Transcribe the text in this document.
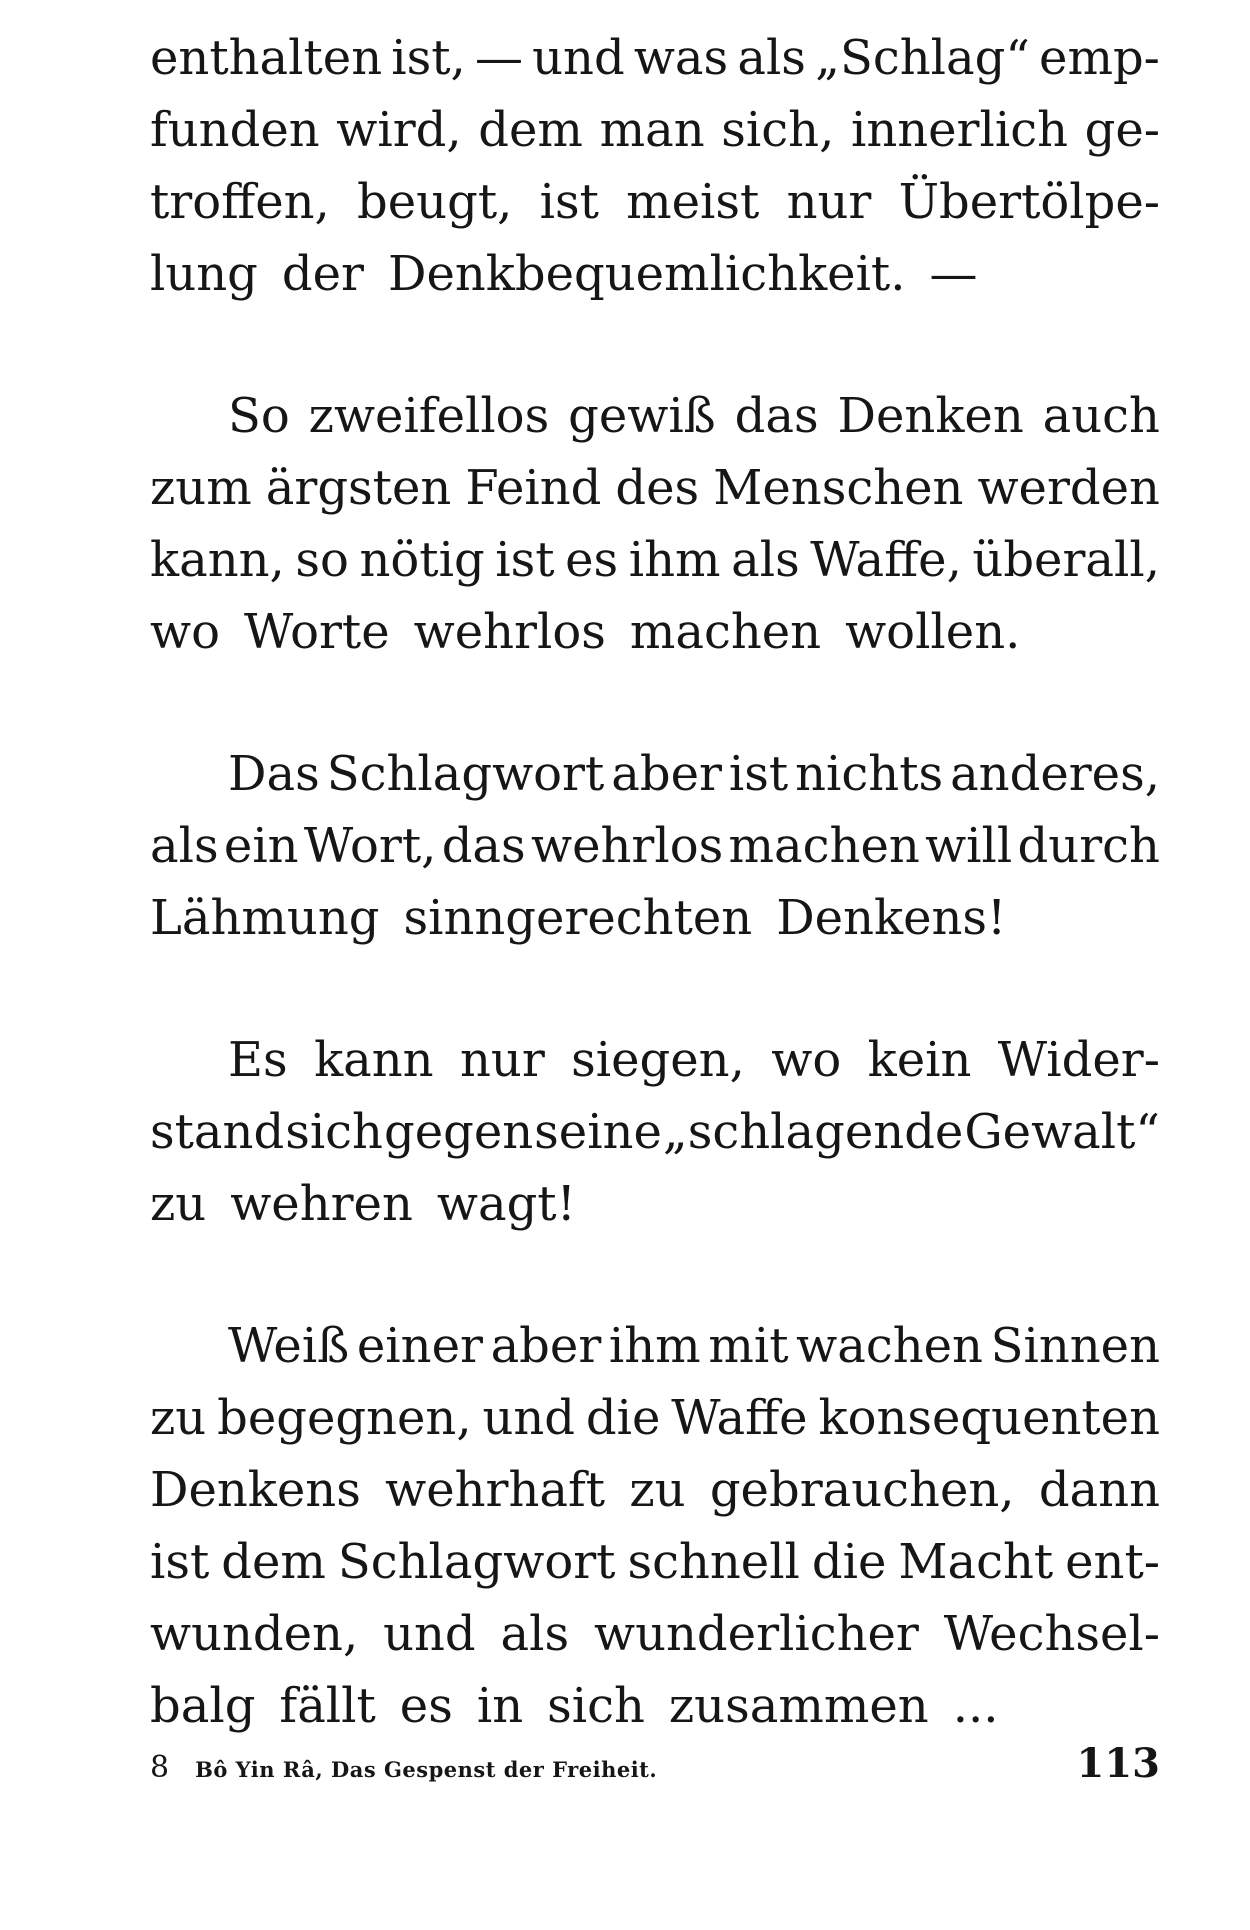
enthalten ist, — und was als „Schlag“ emp-
funden wird, dem man sich, innerlich ge-
troffen, beugt, ist meist nur Übertölpe-
lung der Denkbequemlichkeit. —
So zweifellos gewiß das Denken auch
zum ärgsten Feind des Menschen werden
kann, so nötig ist es ihm als Waffe, überall,
wo Worte wehrlos machen wollen.
Das Schlagwort aber ist nichts anderes,
als ein Wort, das wehrlos machen will durch
Lähmung sinngerechten Denkens!
Es kann nur siegen, wo kein Wider-
stand sich gegen seine „schlagende Gewalt“
zu wehren wagt!
Weiß einer aber ihm mit wachen Sinnen
zu begegnen, und die Waffe konsequenten
Denkens wehrhaft zu gebrauchen, dann
ist dem Schlagwort schnell die Macht ent-
wunden, und als wunderlicher Wechsel-
balg fällt es in sich zusammen ...
8 Bô Yin Râ, Das Gespenst der Freiheit.	113
